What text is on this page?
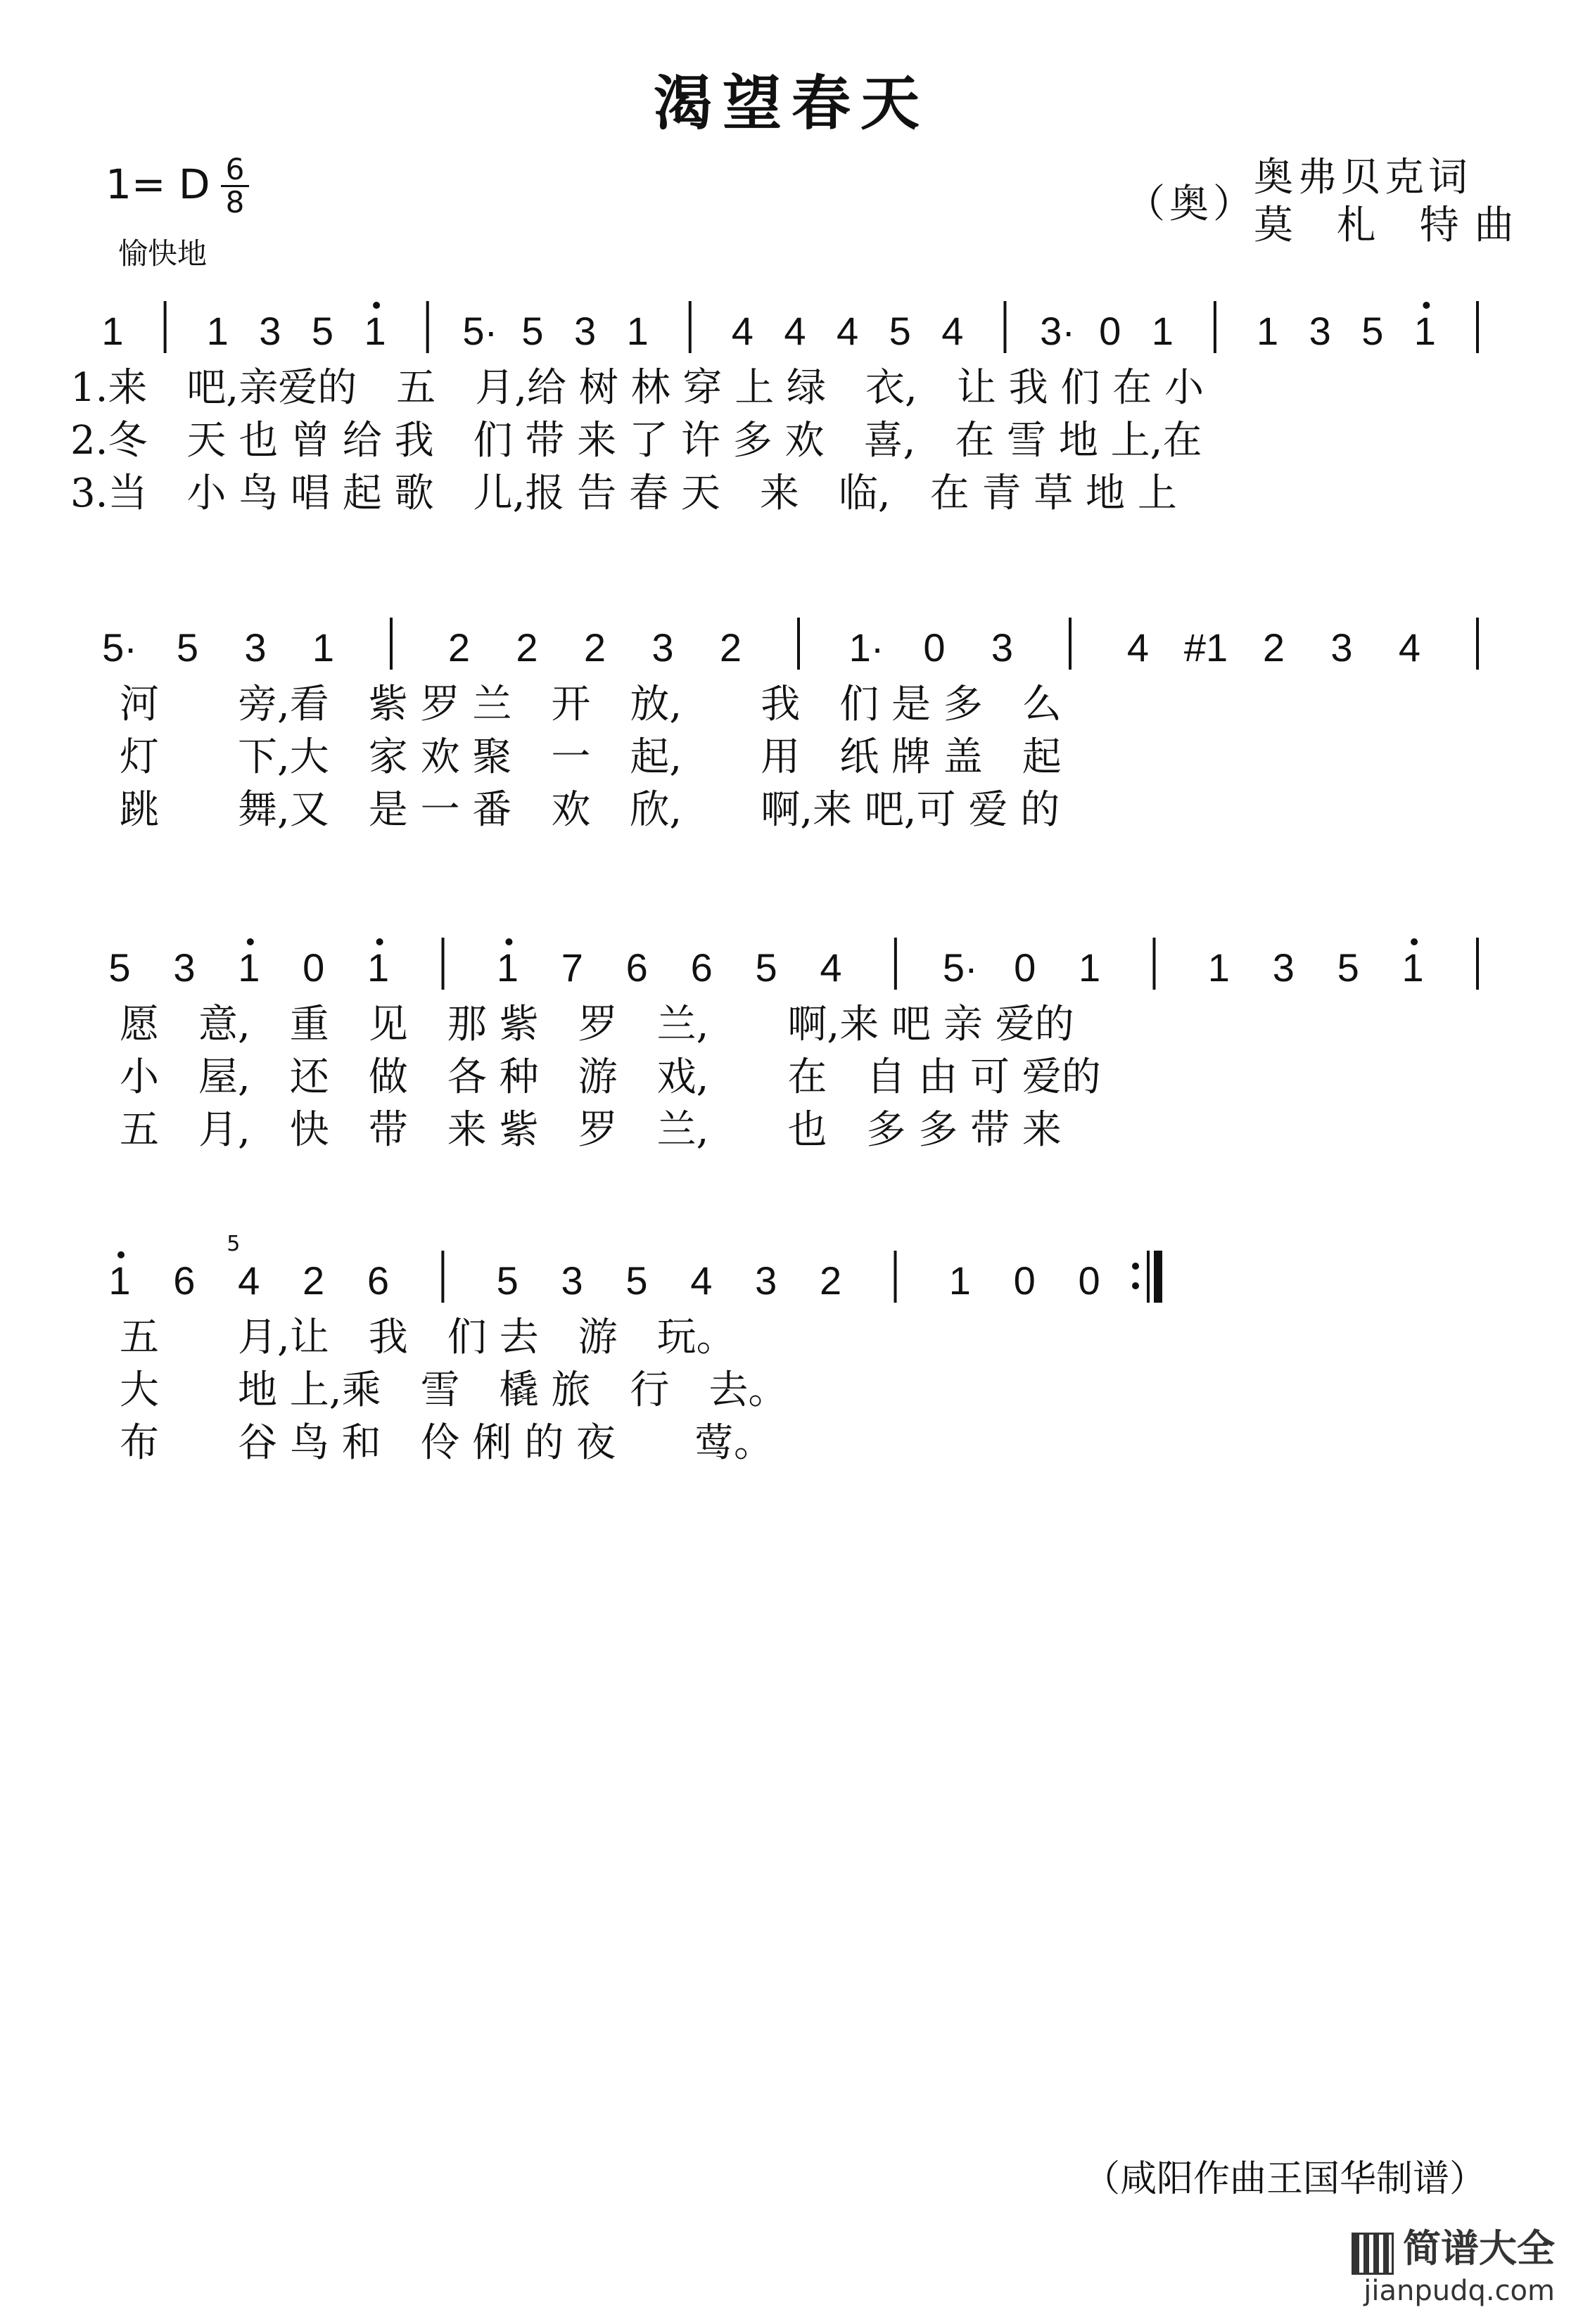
渴望春天
1= D 6
8
愉快地
奥弗贝克词
（奥）
莫 札 特曲
1 1 3 5 1 5· 5 3 1 4 4 4 5 4 3· 0 1 1 3 5 1
1.来　吧,亲爱的　五　月,给 树 林 穿 上 绿　衣,　让 我 们 在 小
2.冬　天 也 曾 给 我　们 带 来 了 许 多 欢　喜,　在 雪 地 上,在
3.当　小 鸟 唱 起 歌　儿,报 告 春 天　来　临,　在 青 草 地 上
5· 5 3 1	2 2 2 3 2	1· 0 3	4 #1 2 3 4
河　　旁,看　紫 罗 兰　开　放,　　我　们 是 多　么
灯　　下,大　家 欢 聚　一　起,　　用　纸 牌 盖　起
跳　　舞,又　是 一 番　欢　欣,　　啊,来 吧,可 爱 的
5 3 1 0 1	1 7 6 6 5 4	5· 0 1	1 3 5 1
愿　意,　重　见　那 紫　罗　兰,　　啊,来 吧 亲 爱的
小　屋,　还　做　各 种　游　戏,　　在　自 由 可 爱的
五　月,　快　带　来 紫　罗　兰,　　也　多 多 带 来
1 6 4 2 6	5 3 5 4 3 2	1 0 0
5
五　　月,让　我　们 去　游　玩。
大　　地 上,乘　雪　橇 旅　行　去。
布　　谷 鸟 和　伶 俐 的 夜　　莺。
（咸阳作曲王国华制谱）
简谱大全
jianpudq.com
